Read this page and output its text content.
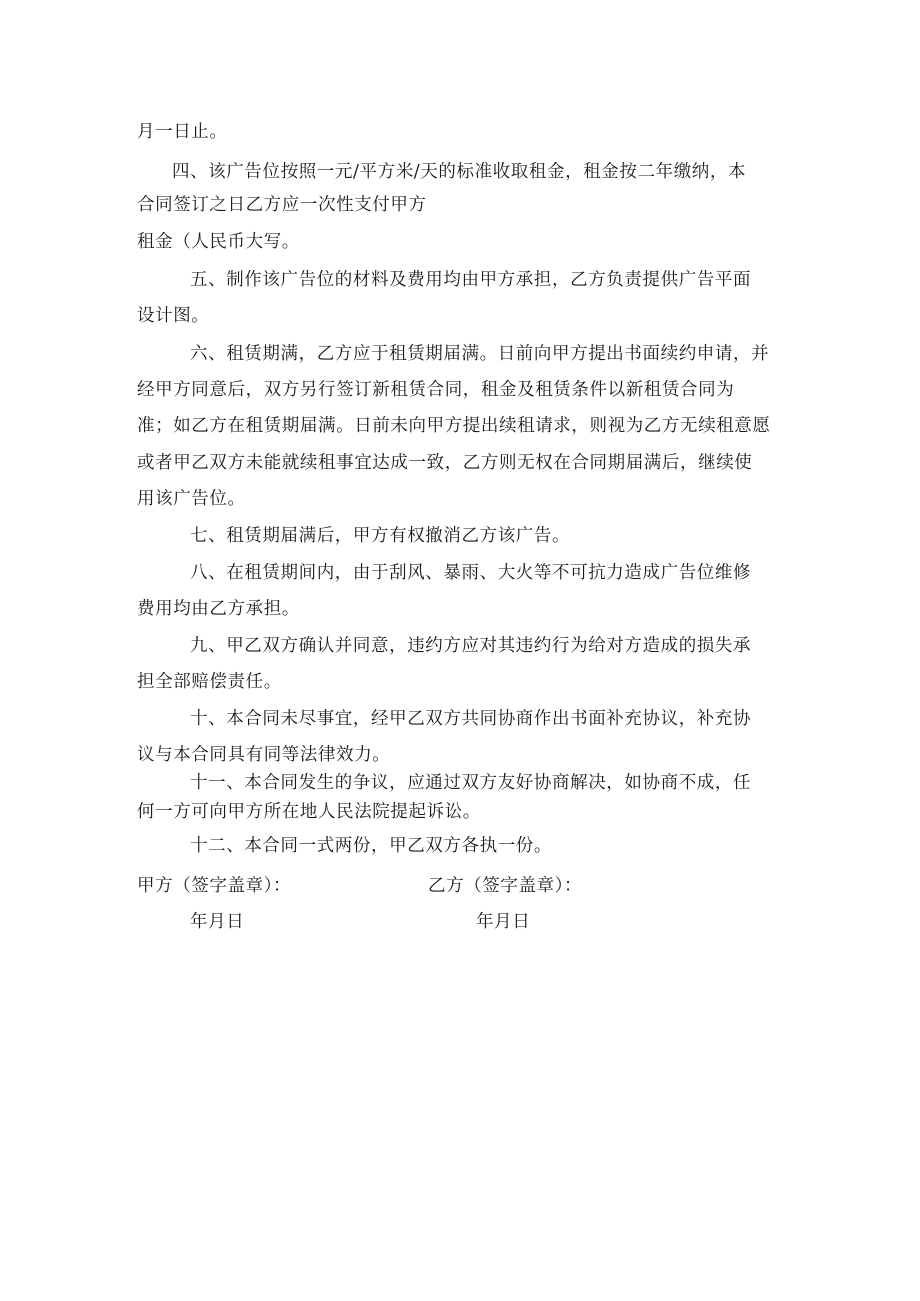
月一日止。
四、该广告位按照一元/平方米/天的标准收取租金，租金按二年缴纳，本
合同签订之日乙方应一次性支付甲方
租金（人民币大写。
五、制作该广告位的材料及费用均由甲方承担，乙方负责提供广告平面
设计图。
六、租赁期满，乙方应于租赁期届满。日前向甲方提出书面续约申请，并
经甲方同意后，双方另行签订新租赁合同，租金及租赁条件以新租赁合同为
准；如乙方在租赁期届满。日前未向甲方提出续租请求，则视为乙方无续租意愿
或者甲乙双方未能就续租事宜达成一致，乙方则无权在合同期届满后，继续使
用该广告位。
七、租赁期届满后，甲方有权撤消乙方该广告。
八、在租赁期间内，由于刮风、暴雨、大火等不可抗力造成广告位维修
费用均由乙方承担。
九、甲乙双方确认并同意，违约方应对其违约行为给对方造成的损失承
担全部赔偿责任。
十、本合同未尽事宜，经甲乙双方共同协商作出书面补充协议，补充协
议与本合同具有同等法律效力。
十一、本合同发生的争议，应通过双方友好协商解决，如协商不成，任
何一方可向甲方所在地人民法院提起诉讼。
十二、本合同一式两份，甲乙双方各执一份。
甲方（签字盖章）：	乙方（签字盖章）：
年月日	年月日
